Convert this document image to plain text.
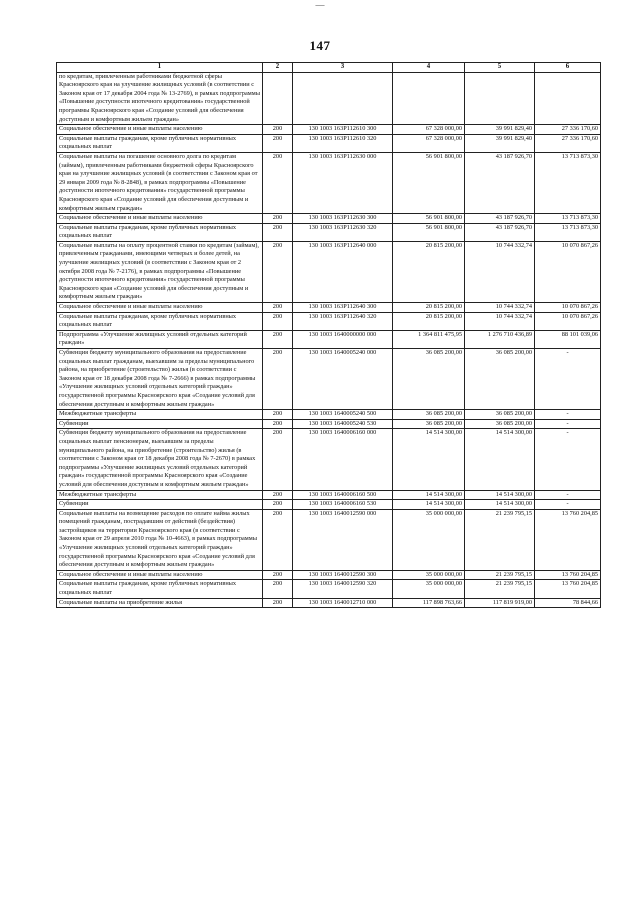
—
147
1	2	3	4	5	6
по кредитам, привлеченным работниками бюджетной сферы Красноярского края на улучшение жилищных условий (в соответствии с Законом края от 17 декабря 2004 года № 13-2769), в рамках подпрограммы «Повышение доступности ипотечного кредитования» государственной программы Красноярского края «Создание условий для обеспечения доступным и комфортным жильем граждан»					
Социальное обеспечение и иные выплаты населению	200	130 1003 163Р112610 300	67 328 000,00	39 991 829,40	27 336 170,60
Социальные выплаты гражданам, кроме публичных нормативных социальных выплат	200	130 1003 163Р112610 320	67 328 000,00	39 991 829,40	27 336 170,60
Социальные выплаты на погашение основного долга по кредитам (займам), привлеченным работниками бюджетной сферы Красноярского края на улучшение жилищных условий (в соответствии с Законом края от 29 января 2009 года № 8-2848), в рамках подпрограммы «Повышение доступности ипотечного кредитования» государственной программы Красноярского края «Создание условий для обеспечения доступным и комфортным жильем граждан»	200	130 1003 163Р112630 000	56 901 800,00	43 187 926,70	13 713 873,30
Социальное обеспечение и иные выплаты населению	200	130 1003 163Р112630 300	56 901 800,00	43 187 926,70	13 713 873,30
Социальные выплаты гражданам, кроме публичных нормативных социальных выплат	200	130 1003 163Р112630 320	56 901 800,00	43 187 926,70	13 713 873,30
Социальные выплаты на оплату процентной ставки по кредитам (займам), привлеченным гражданами, имеющими четверых и более детей, на улучшение жилищных условий (в соответствии с Законом края от 2 октября 2008 года № 7-2176), в рамках подпрограммы «Повышение доступности ипотечного кредитования» государственной программы Красноярского края «Создание условий для обеспечения доступным и комфортным жильем граждан»	200	130 1003 163Р112640 000	20 815 200,00	10 744 332,74	10 070 867,26
Социальное обеспечение и иные выплаты населению	200	130 1003 163Р112640 300	20 815 200,00	10 744 332,74	10 070 867,26
Социальные выплаты гражданам, кроме публичных нормативных социальных выплат	200	130 1003 163Р112640 320	20 815 200,00	10 744 332,74	10 070 867,26
Подпрограмма «Улучшение жилищных условий отдельных категорий граждан»	200	130 1003 1640000000 000	1 364 811 475,95	1 276 710 436,89	88 101 039,06
Субвенция бюджету муниципального образования на предоставление социальных выплат гражданам, выехавшим за пределы муниципального района, на приобретение (строительство) жилья (в соответствии с Законом края от 18 декабря 2008 года № 7-2666) в рамках подпрограммы «Улучшение жилищных условий отдельных категорий граждан» государственной программы Красноярского края «Создание условий для обеспечения доступным и комфортным жильем граждан»	200	130 1003 1640005240 000	36 085 200,00	36 085 200,00	-
Межбюджетные трансферты	200	130 1003 1640005240 500	36 085 200,00	36 085 200,00	-
Субвенции	200	130 1003 1640005240 530	36 085 200,00	36 085 200,00	-
Субвенция бюджету муниципального образования на предоставление социальных выплат пенсионерам, выехавшим за пределы муниципального района, на приобретение (строительство) жилья (в соответствии с Законом края от 18 декабря 2008 года № 7-2670) в рамках подпрограммы «Улучшение жилищных условий отдельных категорий граждан» государственной программы Красноярского края «Создание условий для обеспечения доступным и комфортным жильем граждан»	200	130 1003 1640006160 000	14 514 300,00	14 514 300,00	-
Межбюджетные трансферты	200	130 1003 1640006160 500	14 514 300,00	14 514 300,00	-
Субвенции	200	130 1003 1640006160 530	14 514 300,00	14 514 300,00	-
Социальные выплаты на возмещение расходов по оплате найма жилых помещений гражданам, пострадавшим от действий (бездействия) застройщиков на территории Красноярского края (в соответствии с Законом края от 29 апреля 2010 года № 10-4663), в рамках подпрограммы «Улучшение жилищных условий отдельных категорий граждан» государственной программы Красноярского края «Создание условий для обеспечения доступным и комфортным жильем граждан»	200	130 1003 1640012590 000	35 000 000,00	21 239 795,15	13 760 204,85
Социальное обеспечение и иные выплаты населению	200	130 1003 1640012590 300	35 000 000,00	21 239 795,15	13 760 204,85
Социальные выплаты гражданам, кроме публичных нормативных социальных выплат	200	130 1003 1640012590 320	35 000 000,00	21 239 795,15	13 760 204,85
Социальные выплаты на приобретение жилья	200	130 1003 1640012710 000	117 898 763,66	117 819 919,00	78 844,66
